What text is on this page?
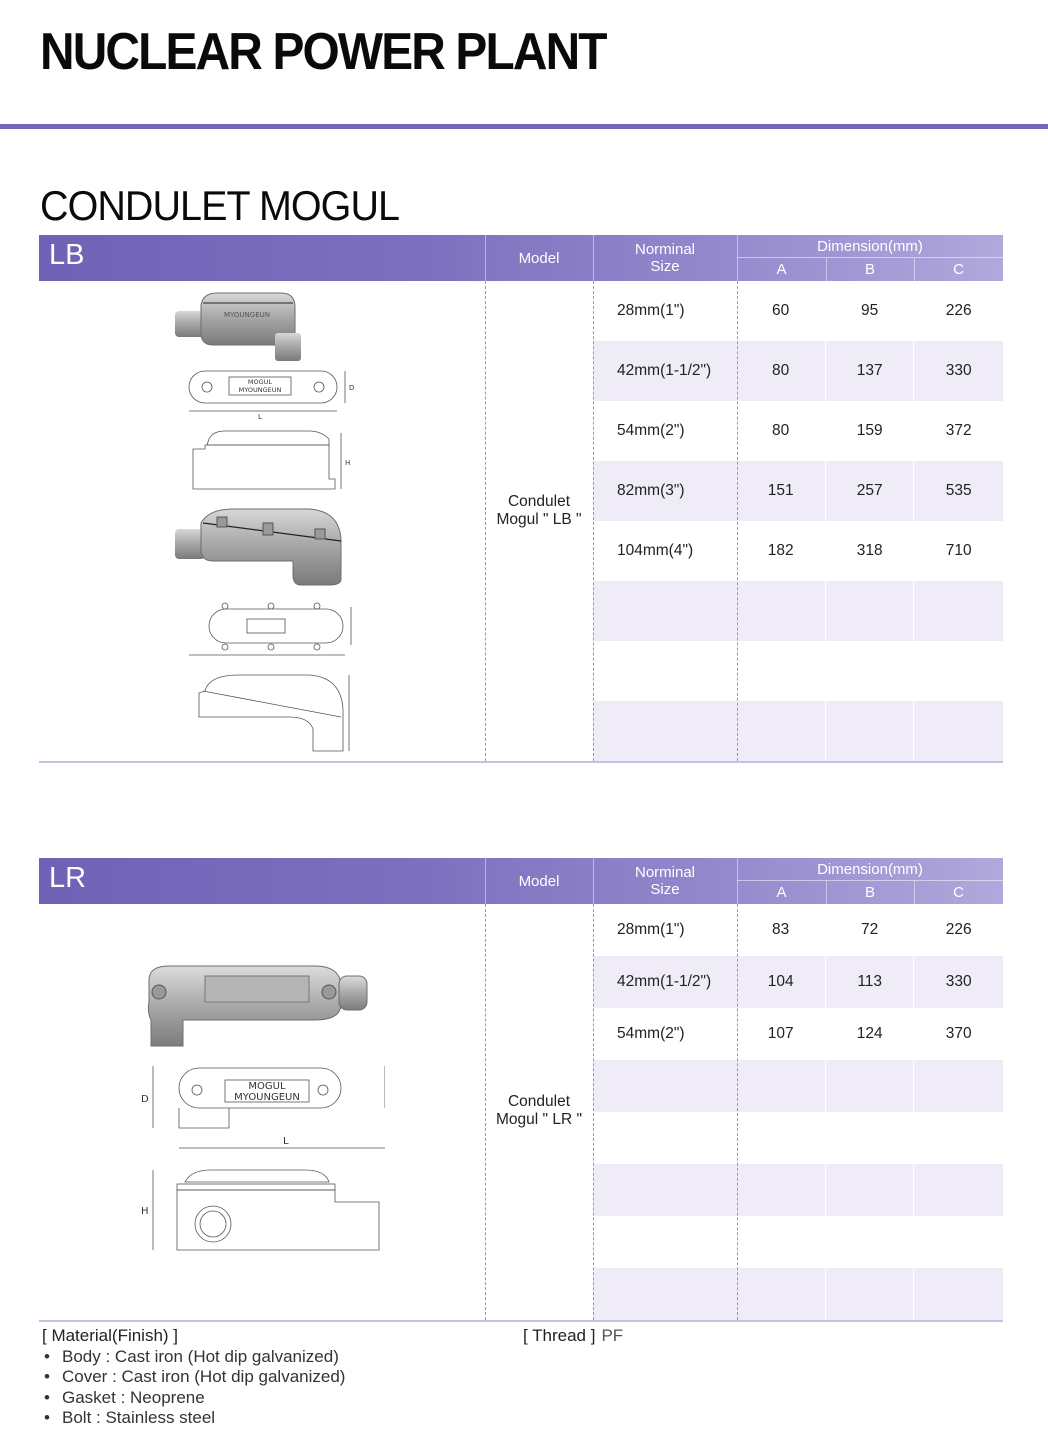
NUCLEAR POWER PLANT
CONDULET MOGUL
LB	Model	Norminal
Size
Dimension(mm)
A	B	C
28mm(1")	60	95	226
42mm(1-1/2")	80	137	330
54mm(2")	80	159	372
82mm(3")	151	257	535
104mm(4")	182	318	710
Condulet
Mogul " LB "
MYOUNGEUN
MOGUL
MYOUNGEUN
L
D
H
LR	Model	Norminal
Size
Dimension(mm)
A	B	C
28mm(1")	83	72	226
42mm(1-1/2")	104	113	330
54mm(2")	107	124	370
Condulet
Mogul " LR "
MOGUL
MYOUNGEUN
L
D
H
[ Material(Finish) ]
• Body : Cast iron (Hot dip galvanized)
• Cover : Cast iron (Hot dip galvanized)
• Gasket : Neoprene
• Bolt : Stainless steel
[ Thread ] PF
